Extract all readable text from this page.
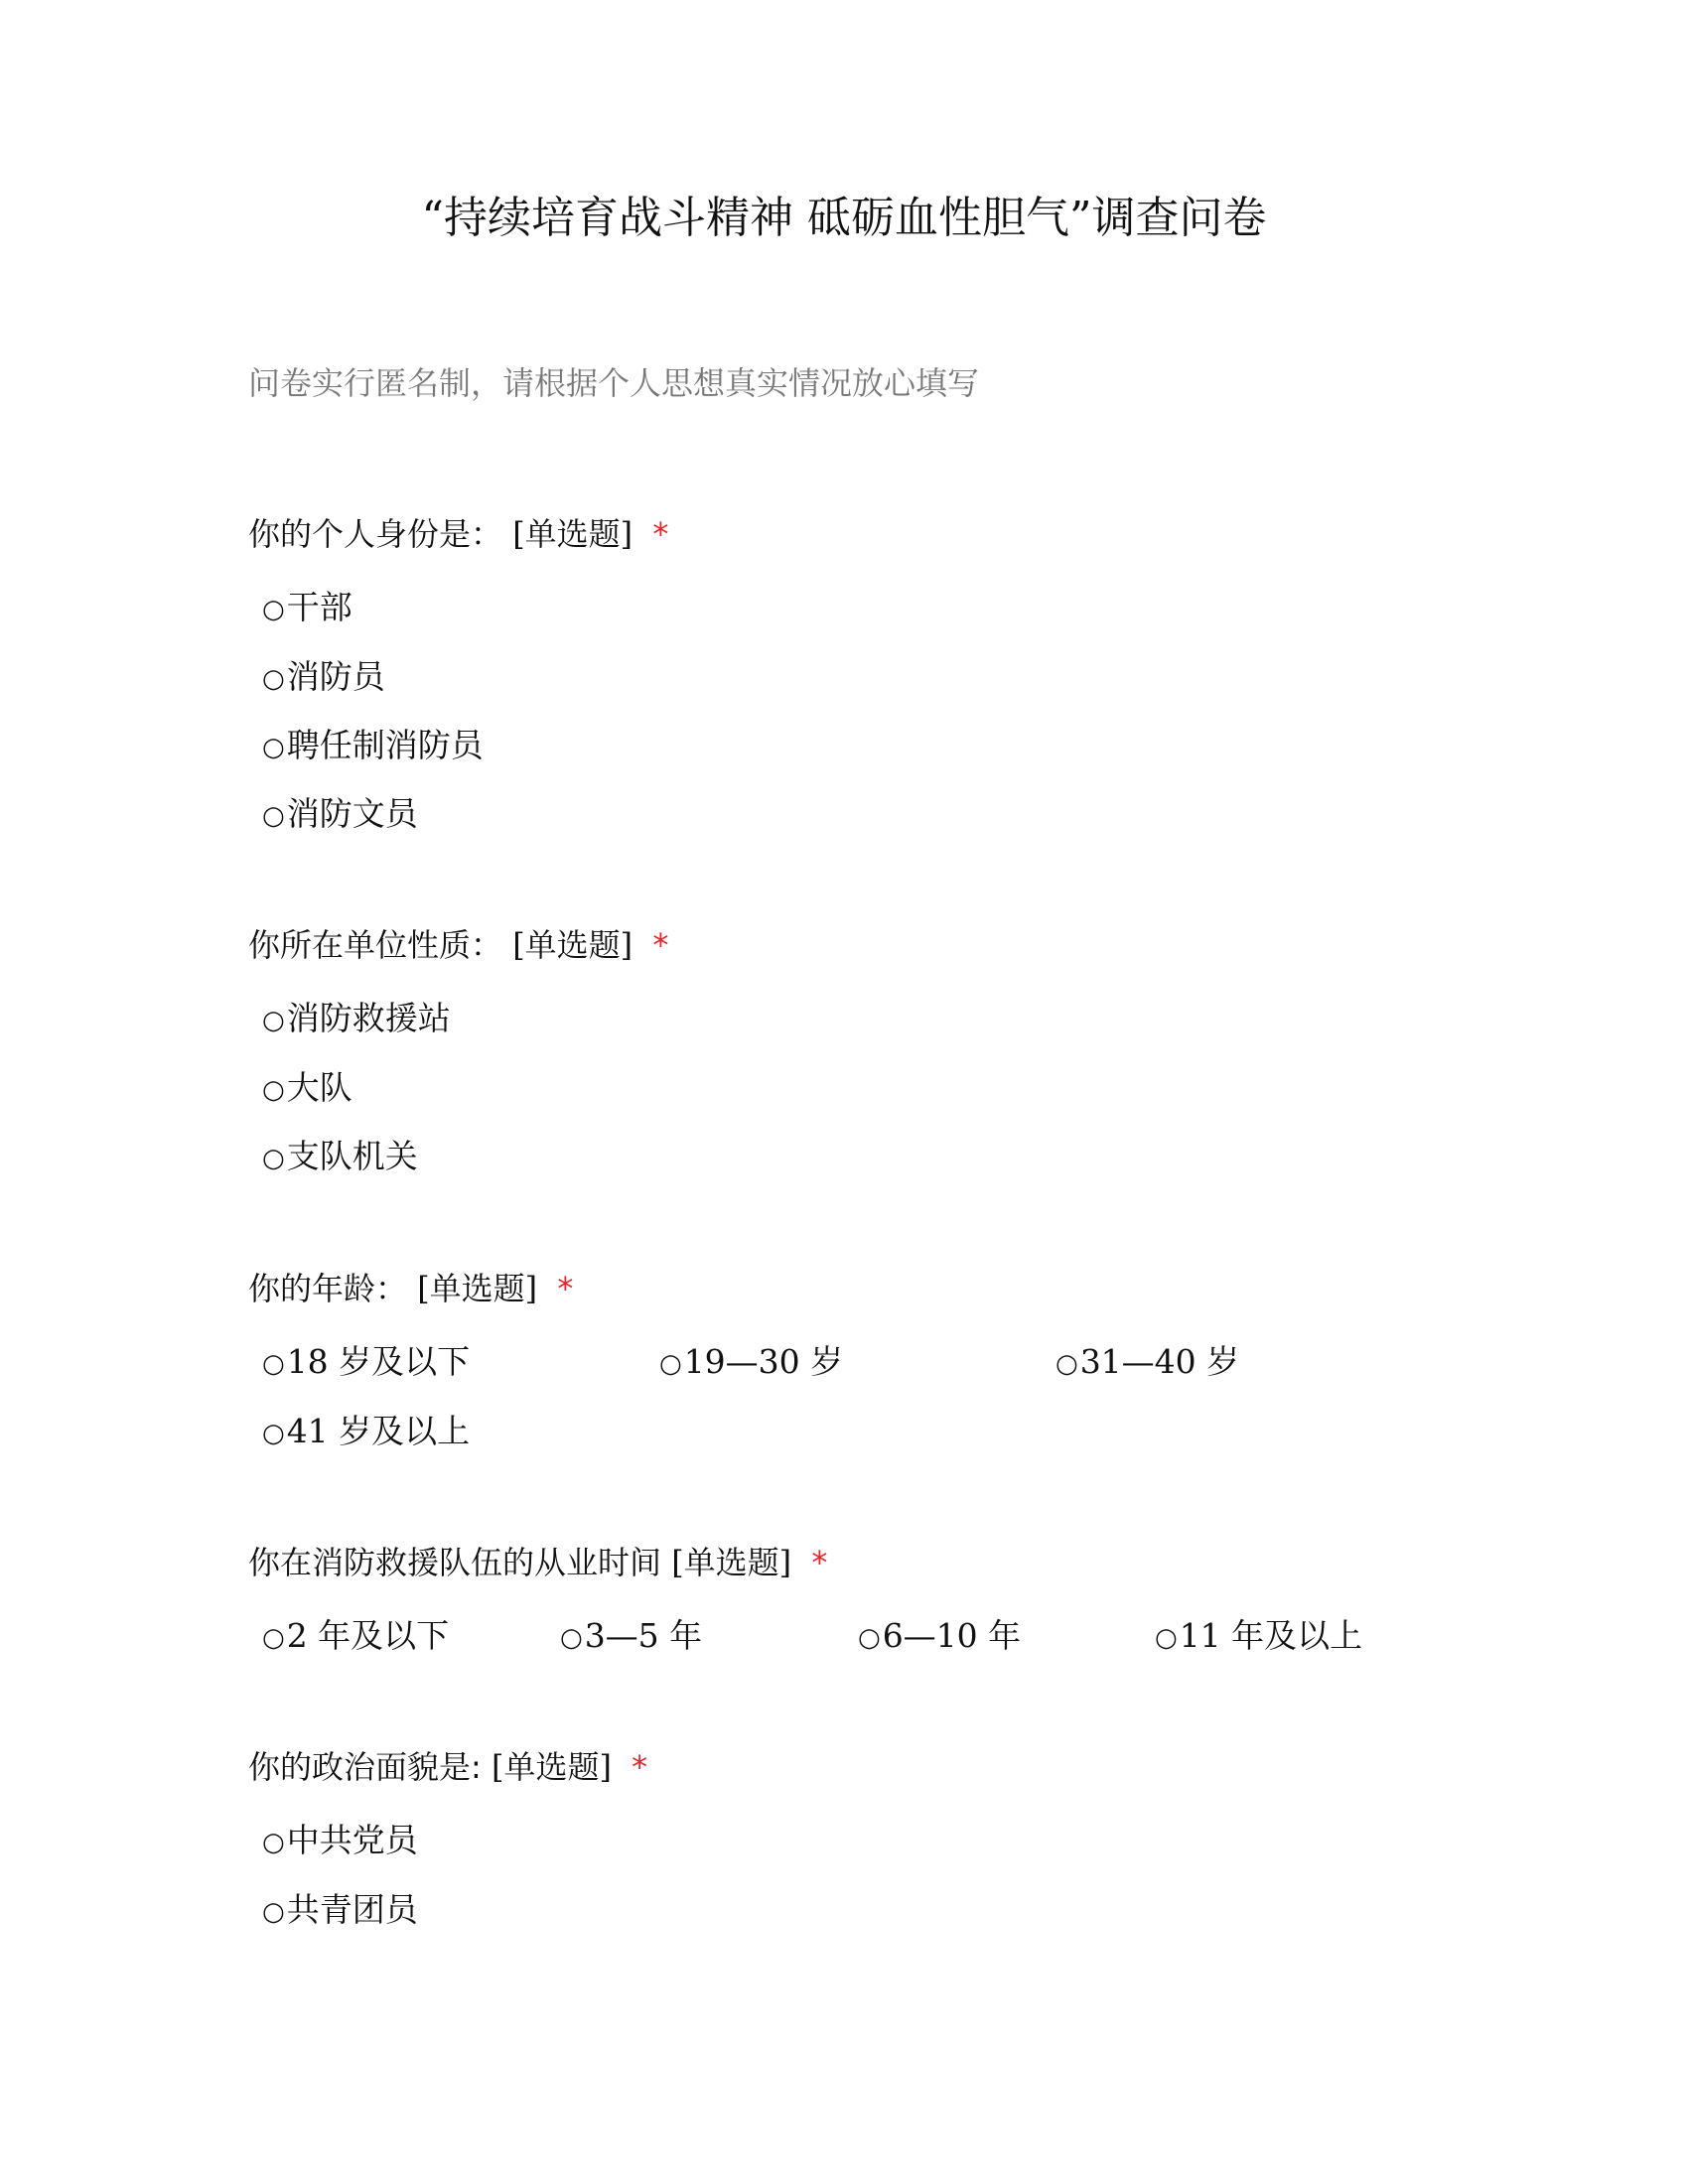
“持续培育战斗精神 砥砺血性胆气”调查问卷
问卷实行匿名制，请根据个人思想真实情况放心填写
你的个人身份是： [单选题] *
○干部
○消防员
○聘任制消防员
○消防文员
你所在单位性质： [单选题] *
○消防救援站
○大队
○支队机关
你的年龄： [单选题] *
○18 岁及以下	○19—30 岁	○31—40 岁
○41 岁及以上
你在消防救援队伍的从业时间 [单选题] *
○2 年及以下	○3—5 年	○6—10 年	○11 年及以上
你的政治面貌是: [单选题] *
○中共党员
○共青团员
